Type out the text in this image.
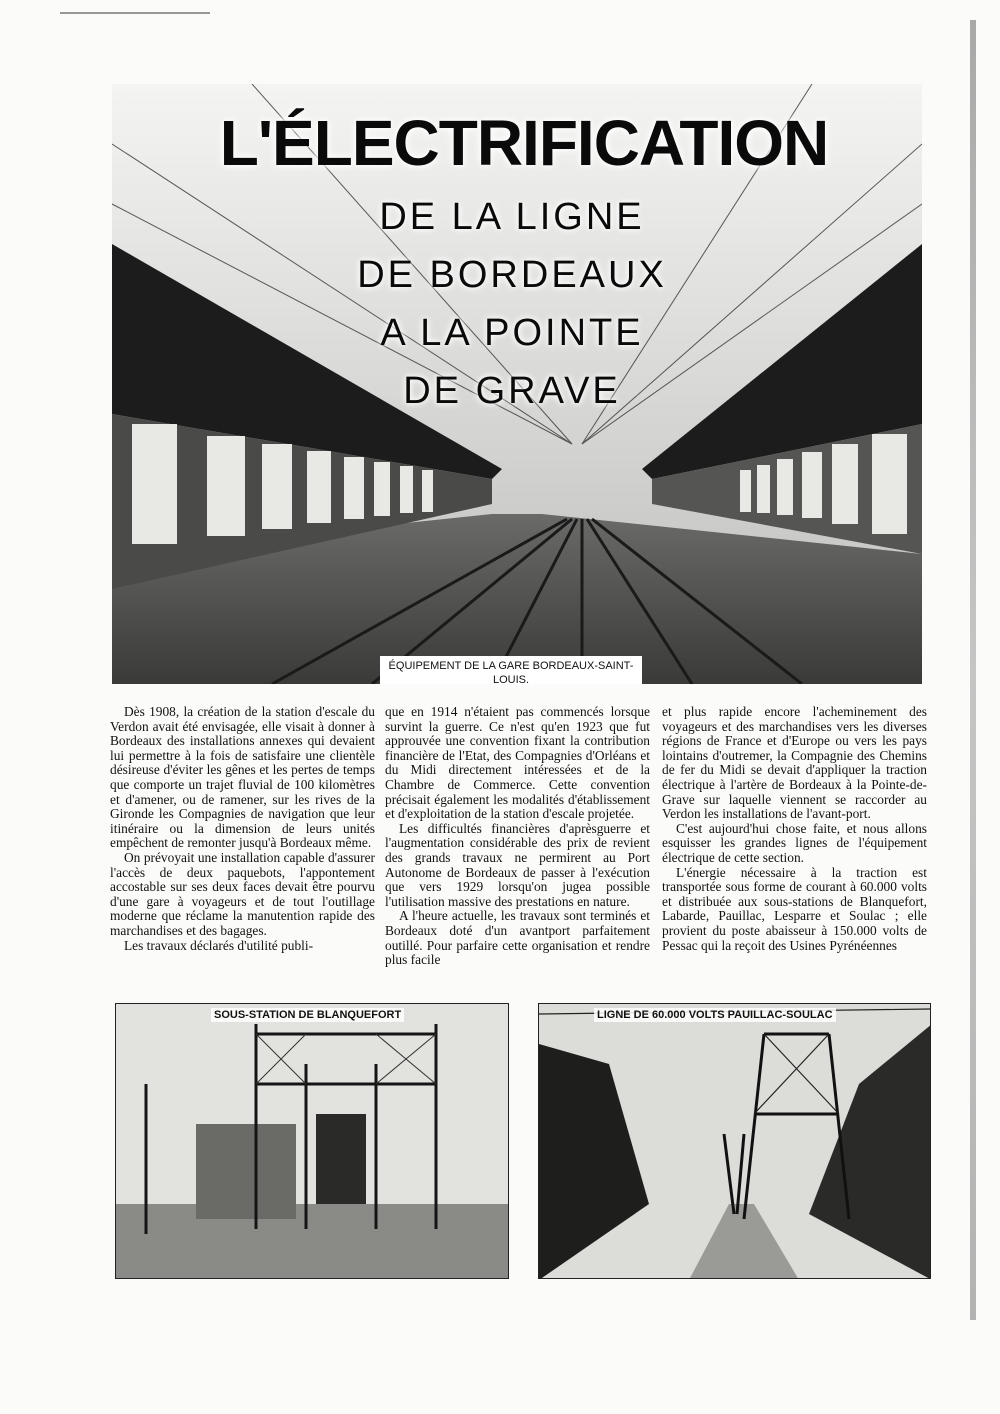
L'ÉLECTRIFICATION
DE LA LIGNE
DE BORDEAUX
A LA POINTE
DE GRAVE
ÉQUIPEMENT DE LA GARE BORDEAUX-SAINT-LOUIS.

Dès 1908, la création de la station d'escale du Verdon avait été envisagée, elle visait à donner à Bordeaux des installations annexes qui devaient lui permettre à la fois de satisfaire une clientèle désireuse d'éviter les gênes et les pertes de temps que comporte un trajet fluvial de 100 kilomètres et d'amener, ou de ramener, sur les rives de la Gironde les Compagnies de navigation que leur itinéraire ou la dimension de leurs unités empêchent de remonter jusqu'à Bordeaux même.

On prévoyait une installation capable d'assurer l'accès de deux paquebots, l'appontement accostable sur ses deux faces devait être pourvu d'une gare à voyageurs et de tout l'outillage moderne que réclame la manutention rapide des marchandises et des bagages.

Les travaux déclarés d'utilité publi-

que en 1914 n'étaient pas commencés lorsque survint la guerre. Ce n'est qu'en 1923 que fut approuvée une convention fixant la contribution financière de l'Etat, des Compagnies d'Orléans et du Midi directement intéressées et de la Chambre de Commerce. Cette convention précisait également les modalités d'établissement et d'exploitation de la station d'escale projetée.

Les difficultés financières d'aprèsguerre et l'augmentation considérable des prix de revient des grands travaux ne permirent au Port Autonome de Bordeaux de passer à l'exécution que vers 1929 lorsqu'on jugea possible l'utilisation massive des prestations en nature.

A l'heure actuelle, les travaux sont terminés et Bordeaux doté d'un avantport parfaitement outillé. Pour parfaire cette organisation et rendre plus facile

et plus rapide encore l'acheminement des voyageurs et des marchandises vers les diverses régions de France et d'Europe ou vers les pays lointains d'outremer, la Compagnie des Chemins de fer du Midi se devait d'appliquer la traction électrique à l'artère de Bordeaux à la Pointe-de-Grave sur laquelle viennent se raccorder au Verdon les installations de l'avant-port.

C'est aujourd'hui chose faite, et nous allons esquisser les grandes lignes de l'équipement électrique de cette section.

L'énergie nécessaire à la traction est transportée sous forme de courant à 60.000 volts et distribuée aux sous-stations de Blanquefort, Labarde, Pauillac, Lesparre et Soulac ; elle provient du poste abaisseur à 150.000 volts de Pessac qui la reçoit des Usines Pyrénéennes

SOUS-STATION DE BLANQUEFORT	LIGNE DE 60.000 VOLTS PAUILLAC-SOULAC
